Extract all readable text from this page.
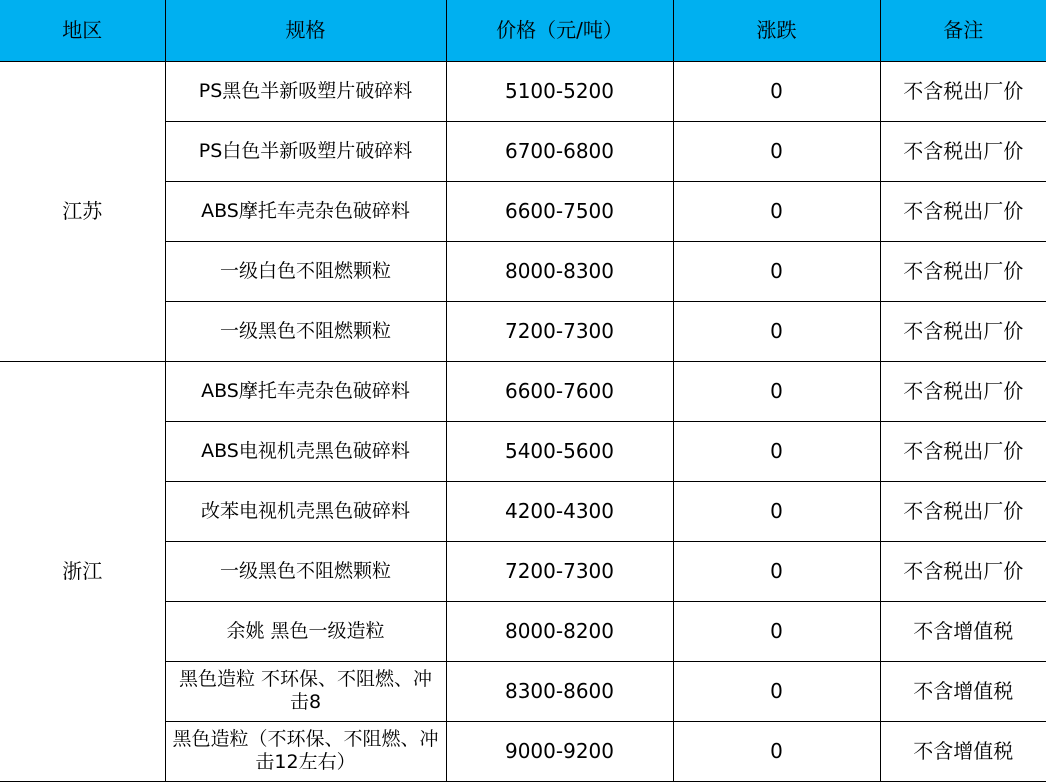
地区	规格	价格（元/吨）	涨跌	备注
江苏	PS黑色半新吸塑片破碎料	5100-5200	0	不含税出厂价
	PS白色半新吸塑片破碎料	6700-6800	0	不含税出厂价
	ABS摩托车壳杂色破碎料	6600-7500	0	不含税出厂价
	一级白色不阻燃颗粒	8000-8300	0	不含税出厂价
	一级黑色不阻燃颗粒	7200-7300	0	不含税出厂价
浙江	ABS摩托车壳杂色破碎料	6600-7600	0	不含税出厂价
	ABS电视机壳黑色破碎料	5400-5600	0	不含税出厂价
	改苯电视机壳黑色破碎料	4200-4300	0	不含税出厂价
	一级黑色不阻燃颗粒	7200-7300	0	不含税出厂价
	余姚 黑色一级造粒	8000-8200	0	不含增值税
	黑色造粒 不环保、不阻燃、冲击8	8300-8600	0	不含增值税
	黑色造粒（不环保、不阻燃、冲击12左右）	9000-9200	0	不含增值税
